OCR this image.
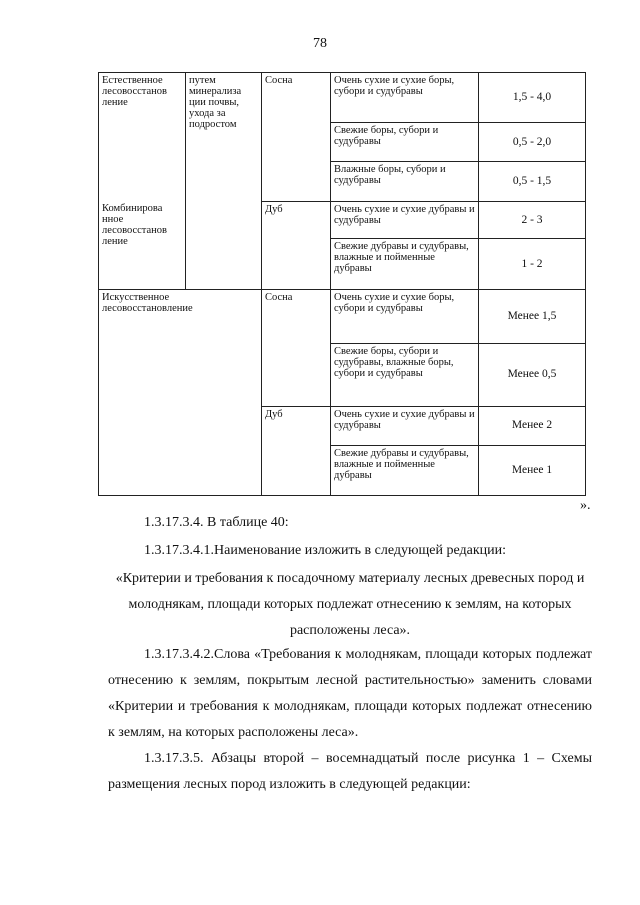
78
Естественное лесовосстанов ление	путем минерализа ции почвы, ухода за подростом	Сосна	Очень сухие и сухие боры, субори и судубравы	1,5 - 4,0
			Свежие боры, субори и судубравы	0,5 - 2,0
			Влажные боры, субори и судубравы	0,5 - 1,5
Комбинирова нное лесовосстанов ление		Дуб	Очень сухие и сухие дубравы и судубравы	2 - 3
			Свежие дубравы и судубравы, влажные и пойменные дубравы	1 - 2
Искусственное лесовосстановление		Сосна	Очень сухие и сухие боры, субори и судубравы	Менее 1,5
			Свежие боры, субори и судубравы, влажные боры, субори и судубравы	Менее 0,5
		Дуб	Очень сухие и сухие дубравы и судубравы	Менее 2
			Свежие дубравы и судубравы, влажные и пойменные дубравы	Менее 1
».
1.3.17.3.4. В таблице 40:
1.3.17.3.4.1.Наименование изложить в следующей редакции:
«Критерии и требования к посадочному материалу лесных древесных пород и молоднякам, площади которых подлежат отнесению к землям, на которых расположены леса».
1.3.17.3.4.2.Слова «Требования к молоднякам, площади которых подлежат отнесению к землям, покрытым лесной растительностью» заменить словами «Критерии и требования к молоднякам, площади которых подлежат отнесению к землям, на которых расположены леса».
1.3.17.3.5. Абзацы второй – восемнадцатый после рисунка 1 – Схемы размещения лесных пород изложить в следующей редакции:
